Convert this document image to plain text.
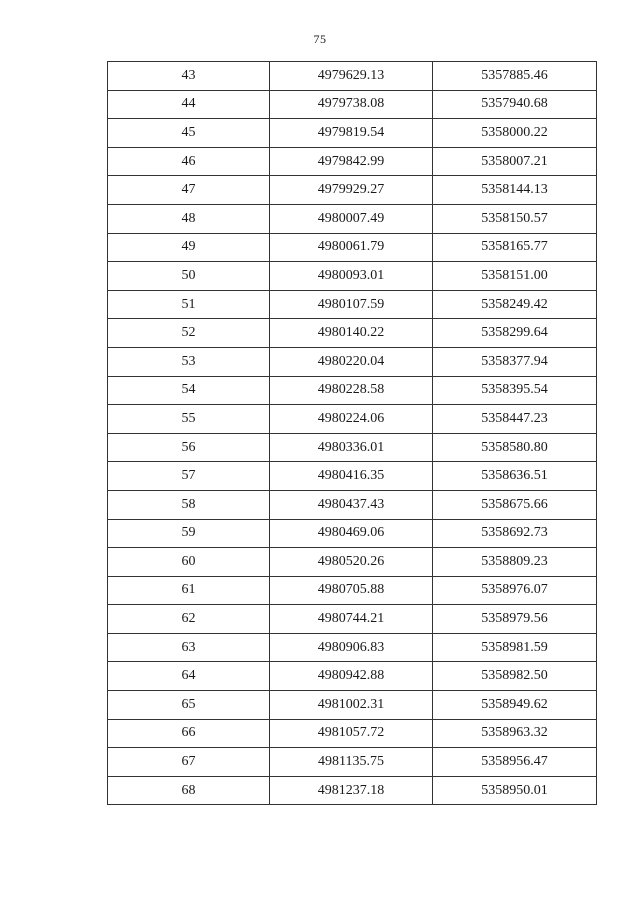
75
43	4979629.13	5357885.46
44	4979738.08	5357940.68
45	4979819.54	5358000.22
46	4979842.99	5358007.21
47	4979929.27	5358144.13
48	4980007.49	5358150.57
49	4980061.79	5358165.77
50	4980093.01	5358151.00
51	4980107.59	5358249.42
52	4980140.22	5358299.64
53	4980220.04	5358377.94
54	4980228.58	5358395.54
55	4980224.06	5358447.23
56	4980336.01	5358580.80
57	4980416.35	5358636.51
58	4980437.43	5358675.66
59	4980469.06	5358692.73
60	4980520.26	5358809.23
61	4980705.88	5358976.07
62	4980744.21	5358979.56
63	4980906.83	5358981.59
64	4980942.88	5358982.50
65	4981002.31	5358949.62
66	4981057.72	5358963.32
67	4981135.75	5358956.47
68	4981237.18	5358950.01
